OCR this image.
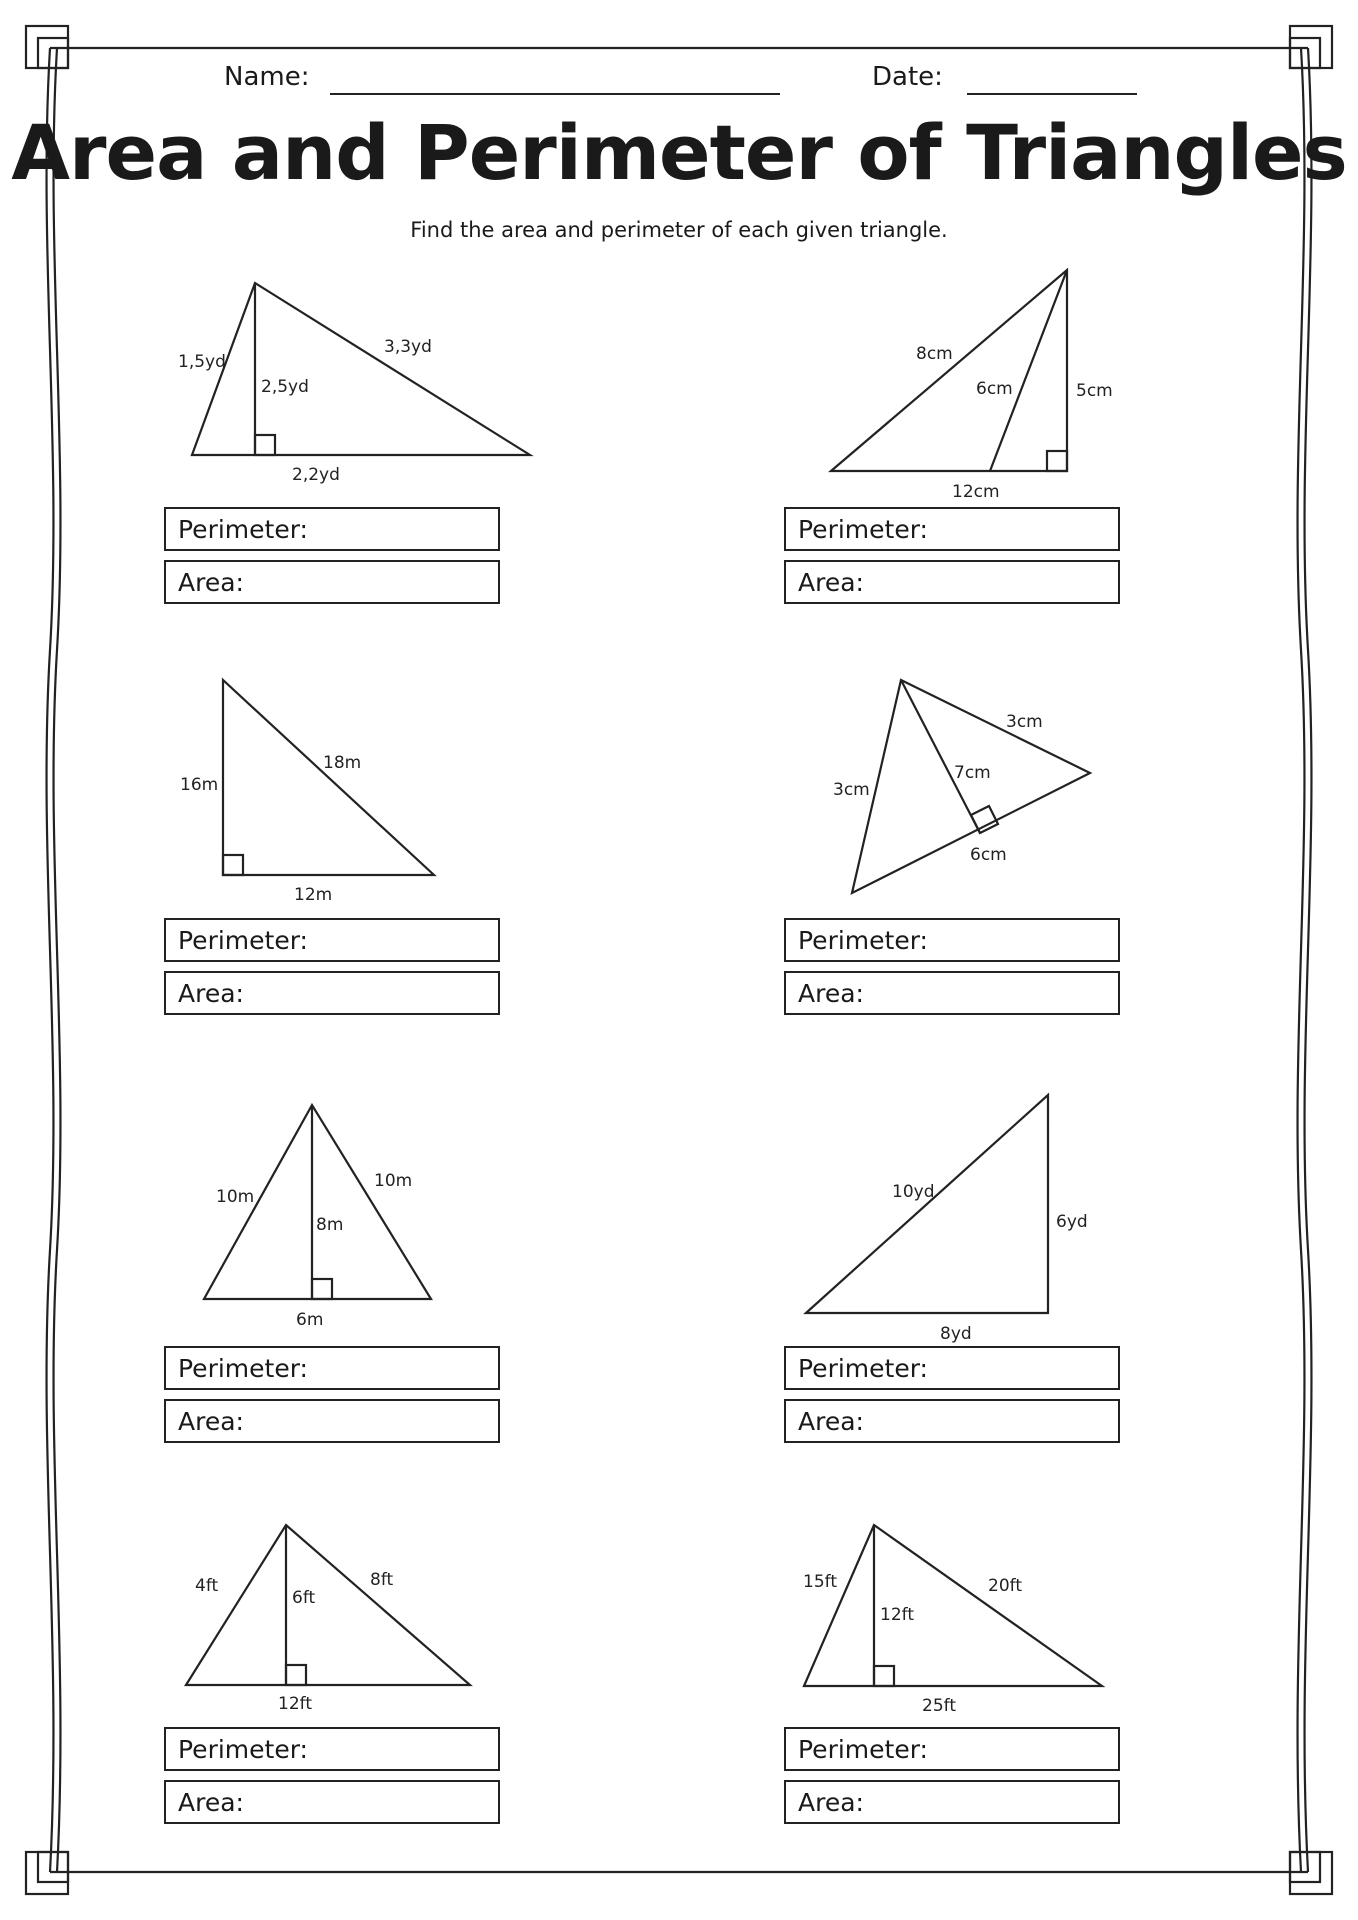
Name:	Date:
Area and Perimeter of Triangles
Find the area and perimeter of each given triangle.
1,5yd
3,3yd
2,5yd
2,2yd
Perimeter:
Area:
8cm
6cm	5cm
12cm
Perimeter:
Area:
16m
18m
12m
Perimeter:
Area:
3cm
3cm
7cm
6cm
Perimeter:
Area:
10m
10m
8m
6m
Perimeter:
Area:
10yd
6yd
8yd
Perimeter:
Area:
4ft	8ft
6ft
12ft
Perimeter:
Area:
15ft	20ft
12ft
25ft
Perimeter:
Area:
